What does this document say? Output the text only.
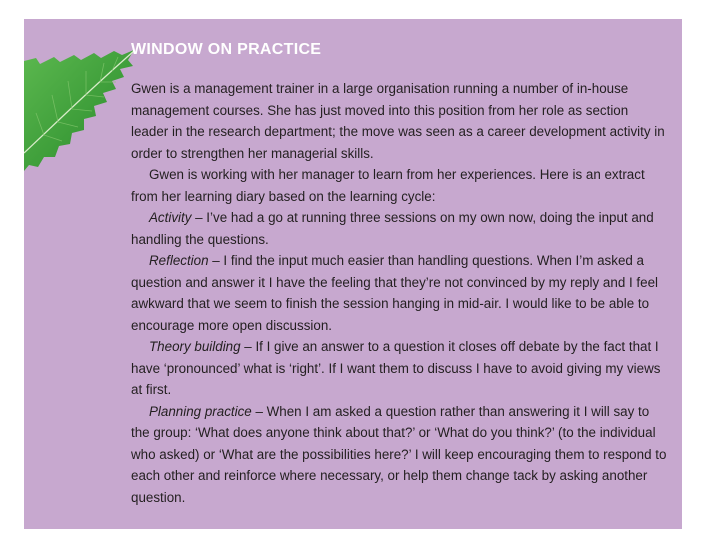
WINDOW ON PRACTICE

Gwen is a management trainer in a large organisation running a number of in-house management courses. She has just moved into this position from her role as section leader in the research department; the move was seen as a career development activity in order to strengthen her managerial skills.

Gwen is working with her manager to learn from her experiences. Here is an extract from her learning diary based on the learning cycle:

Activity – I’ve had a go at running three sessions on my own now, doing the input and handling the questions.

Reflection – I find the input much easier than handling questions. When I’m asked a question and answer it I have the feeling that they’re not convinced by my reply and I feel awkward that we seem to finish the session hanging in mid-air. I would like to be able to encourage more open discussion.

Theory building – If I give an answer to a question it closes off debate by the fact that I have ‘pronounced’ what is ‘right’. If I want them to discuss I have to avoid giving my views at first.

Planning practice – When I am asked a question rather than answering it I will say to the group: ‘What does anyone think about that?’ or ‘What do you think?’ (to the individual who asked) or ‘What are the possibilities here?’ I will keep encouraging them to respond to each other and reinforce where necessary, or help them change tack by asking another question.
